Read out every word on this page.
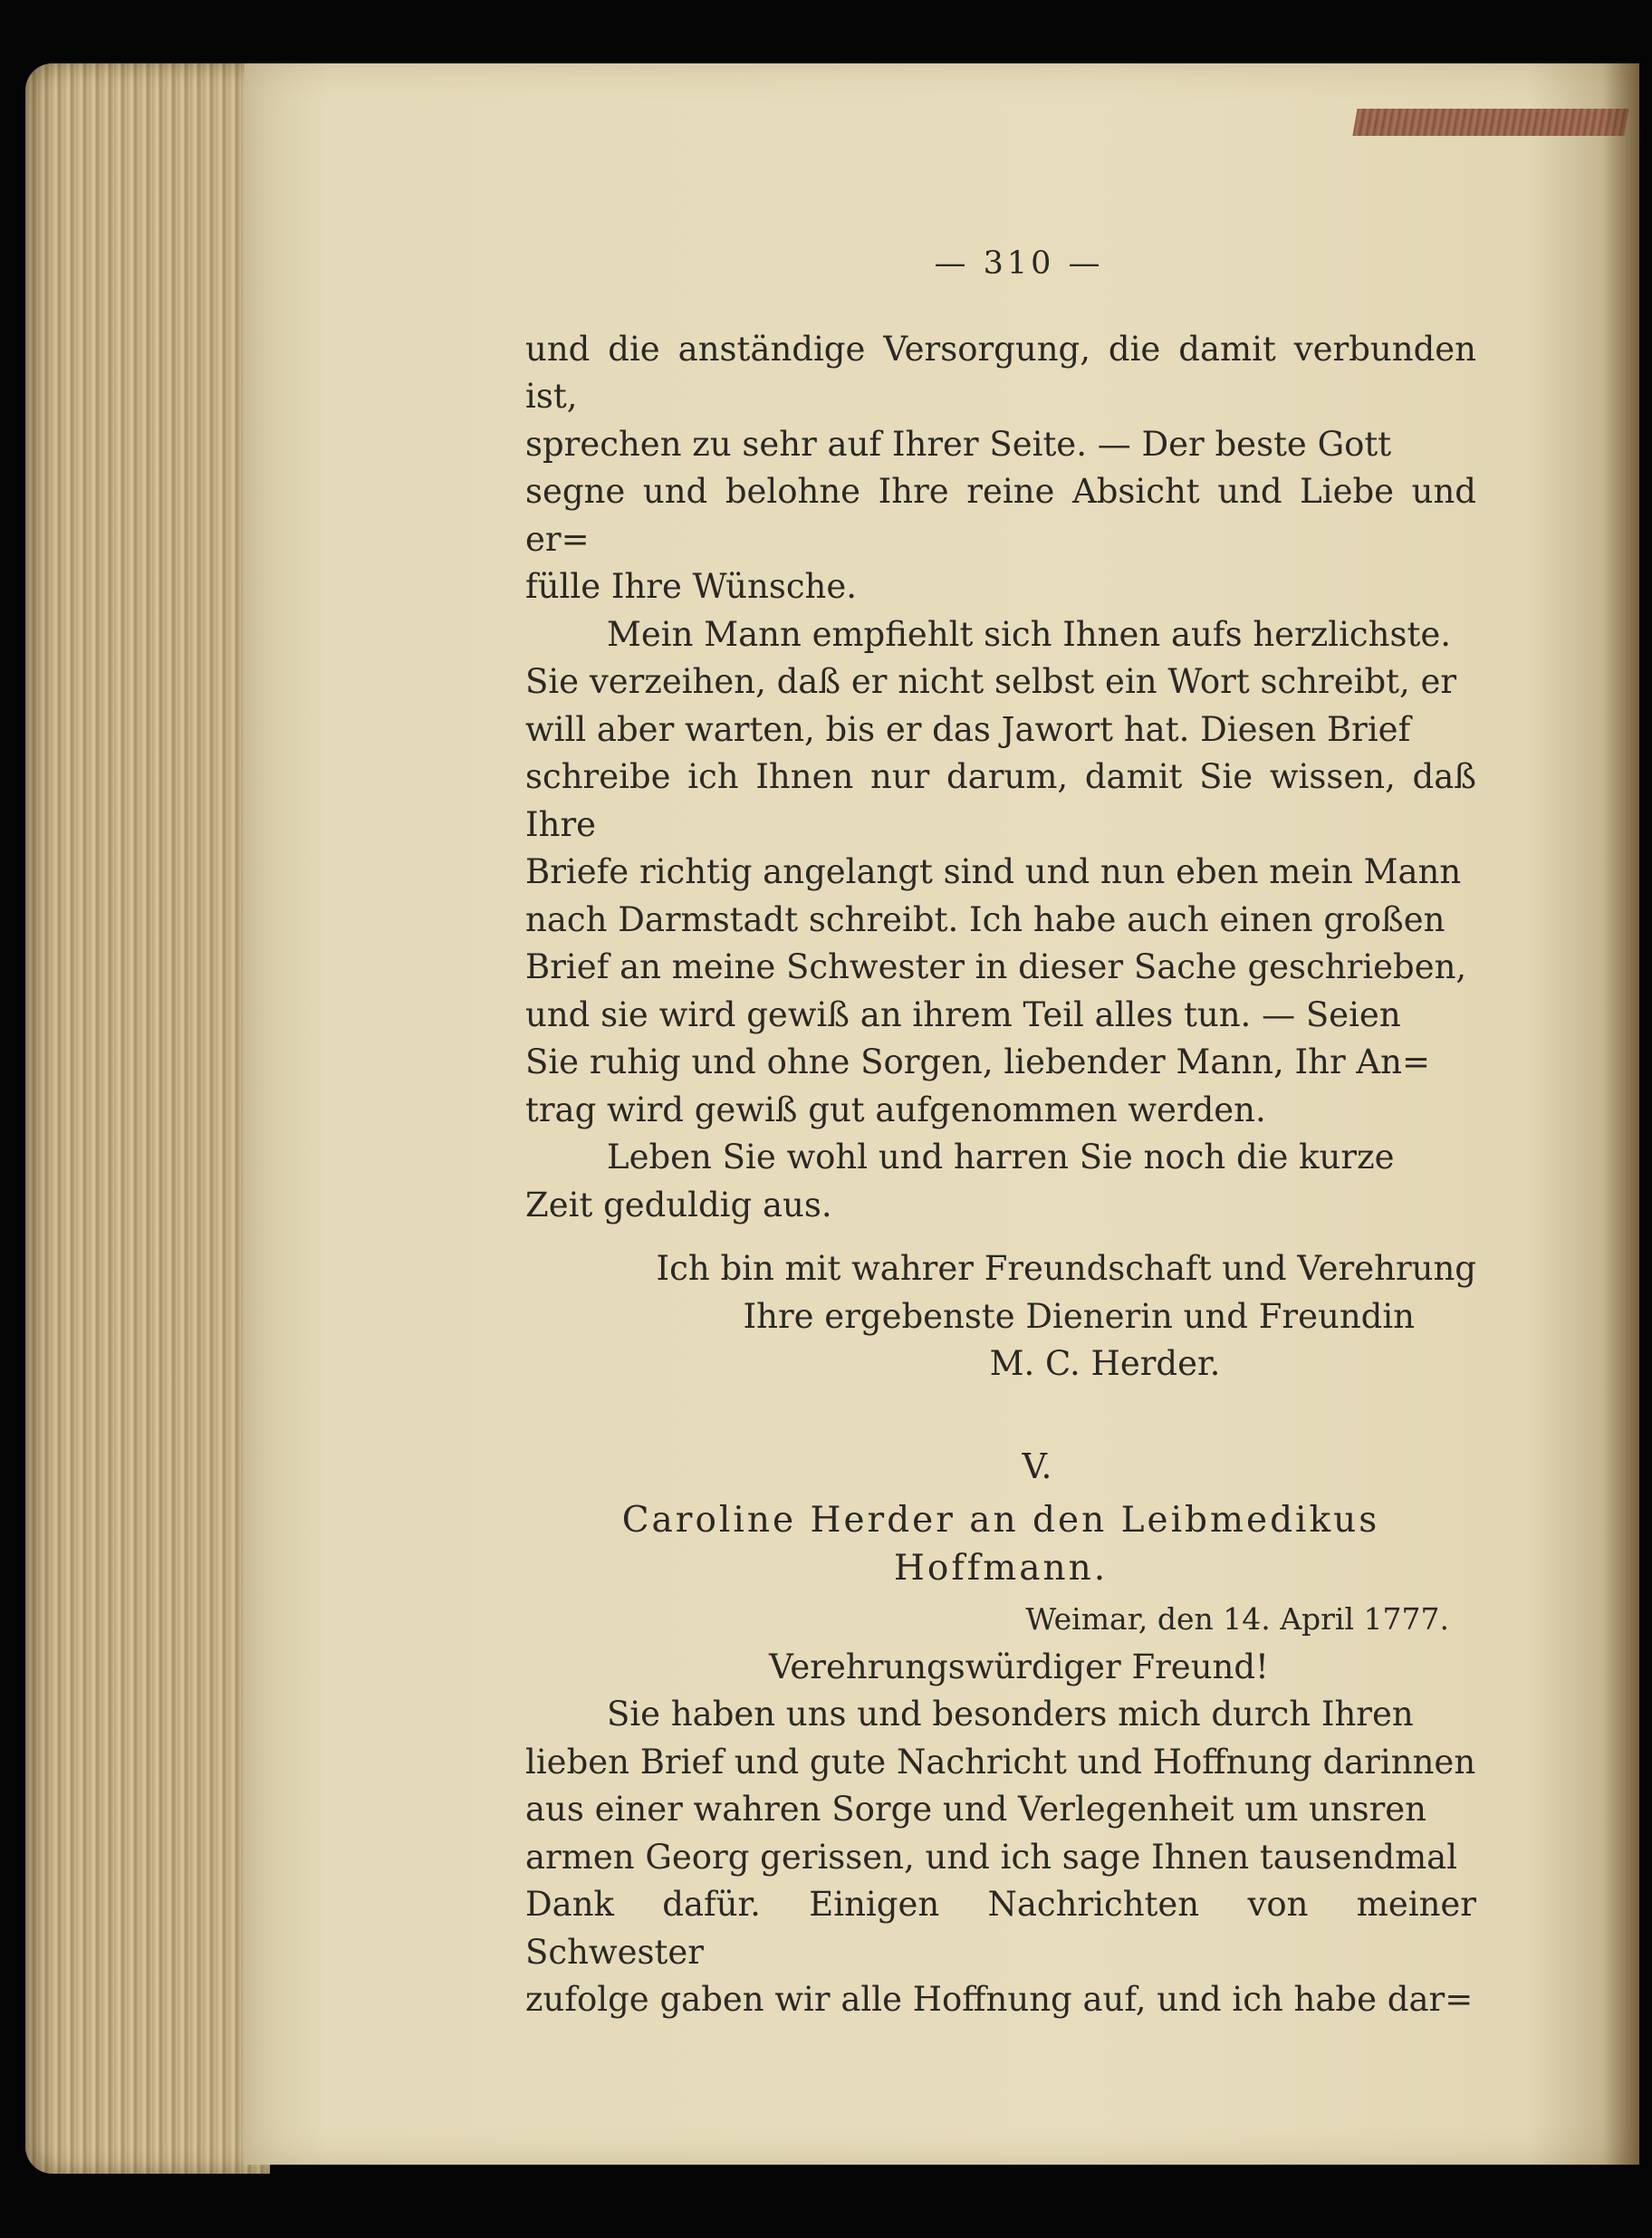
— 310 —
und die anständige Versorgung, die damit verbunden ist,
sprechen zu sehr auf Ihrer Seite. — Der beste Gott
segne und belohne Ihre reine Absicht und Liebe und er=
fülle Ihre Wünsche.
Mein Mann empfiehlt sich Ihnen aufs herzlichste.
Sie verzeihen, daß er nicht selbst ein Wort schreibt, er
will aber warten, bis er das Jawort hat. Diesen Brief
schreibe ich Ihnen nur darum, damit Sie wissen, daß Ihre
Briefe richtig angelangt sind und nun eben mein Mann
nach Darmstadt schreibt. Ich habe auch einen großen
Brief an meine Schwester in dieser Sache geschrieben,
und sie wird gewiß an ihrem Teil alles tun. — Seien
Sie ruhig und ohne Sorgen, liebender Mann, Ihr An=
trag wird gewiß gut aufgenommen werden.
Leben Sie wohl und harren Sie noch die kurze
Zeit geduldig aus.
Ich bin mit wahrer Freundschaft und Verehrung
Ihre ergebenste Dienerin und Freundin
M. C. Herder.
V.
Caroline Herder an den Leibmedikus Hoffmann.
Weimar, den 14. April 1777.
Verehrungswürdiger Freund!
Sie haben uns und besonders mich durch Ihren
lieben Brief und gute Nachricht und Hoffnung darinnen
aus einer wahren Sorge und Verlegenheit um unsren
armen Georg gerissen, und ich sage Ihnen tausendmal
Dank dafür. Einigen Nachrichten von meiner Schwester
zufolge gaben wir alle Hoffnung auf, und ich habe dar=
